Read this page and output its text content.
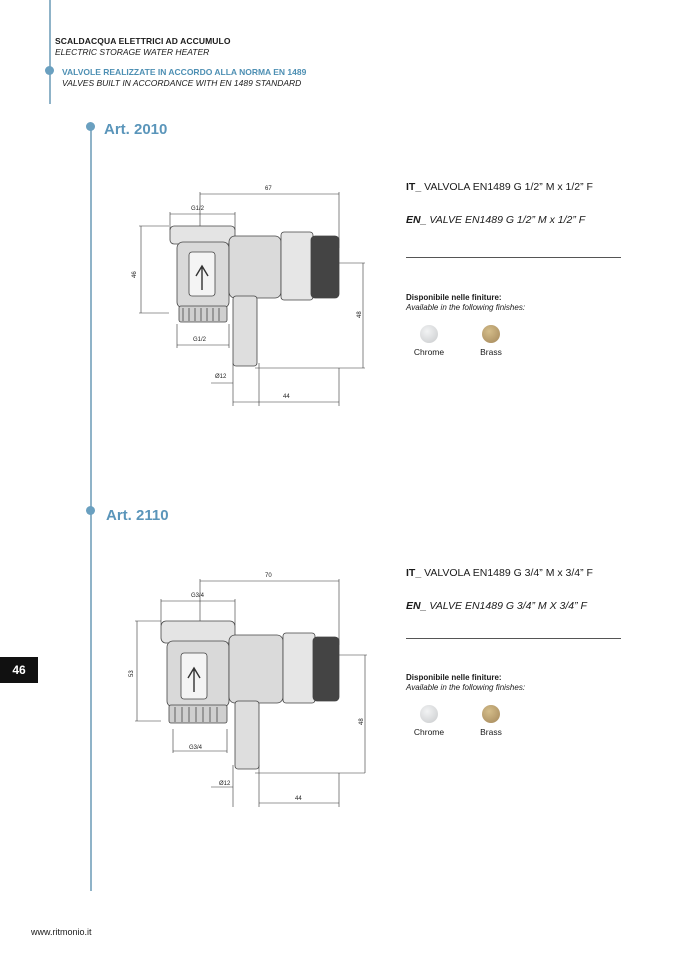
SCALDACQUA ELETTRICI AD ACCUMULO
ELECTRIC STORAGE WATER HEATER
VALVOLE REALIZZATE IN ACCORDO ALLA NORMA EN 1489
VALVES BUILT IN ACCORDANCE WITH EN 1489 STANDARD
Art. 2010
67
G1/2
46
G1/2
48
Ø12
44
IT_ VALVOLA EN1489 G 1/2” M x 1/2” F
EN_ VALVE EN1489 G 1/2” M x 1/2” F
Disponibile nelle finiture:
Available in the following finishes:
Chrome	Brass
Art. 2110
70
G3/4
53
G3/4
48
Ø12
44
IT_ VALVOLA EN1489 G 3/4” M x 3/4” F
EN_ VALVE EN1489 G 3/4” M X 3/4” F
Disponibile nelle finiture:
Available in the following finishes:
Chrome	Brass
46
www.ritmonio.it
